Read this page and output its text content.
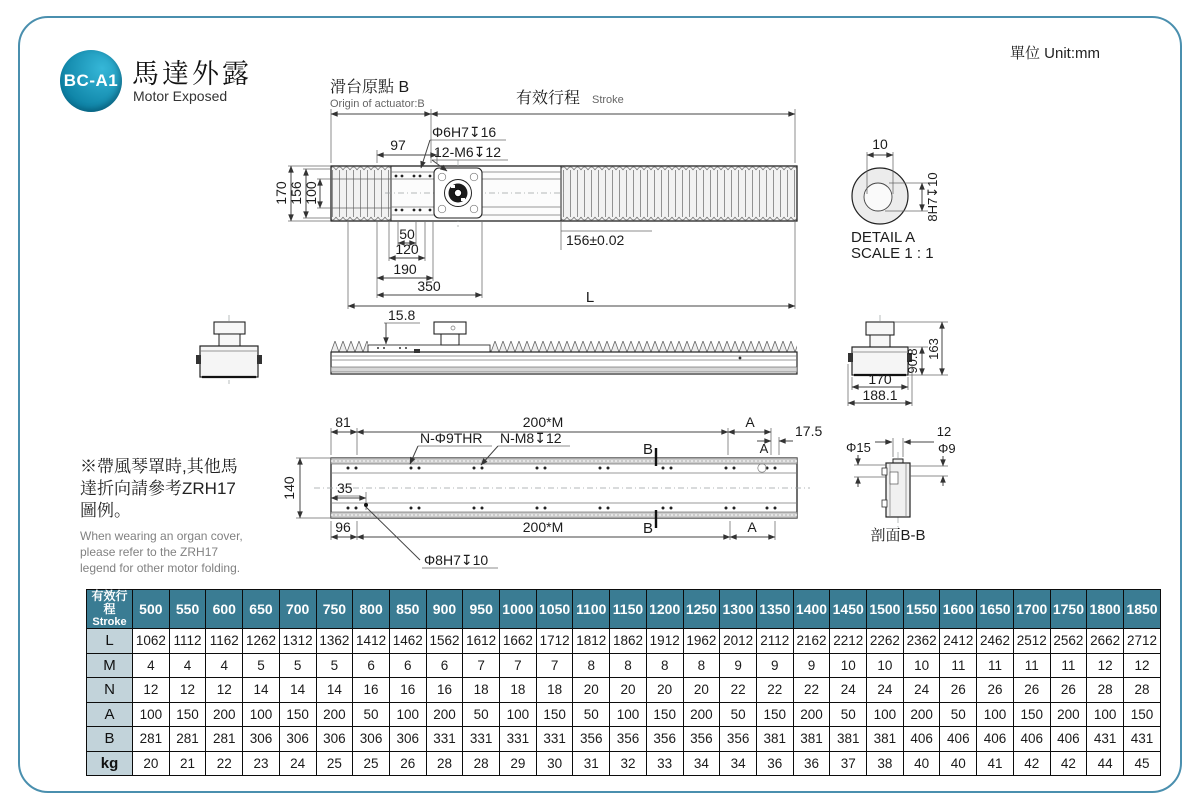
BC-A1 馬達外露
Motor Exposed
單位 Unit:mm
※帶風琴罩時,其他馬
達折向請參考ZRH17
圖例。
When wearing an organ cover,
please refer to the ZRH17
legend for other motor folding.
滑台原點 B
Origin of actuator:B	有效行程 Stroke
97
Φ6H7↧16
12-M6↧12
170 156 100
50
120
190
350
L
156±0.02
10
8H7↧10
DETAIL A
SCALE 1 : 1
15.8
90.8 163
170
188.1
81	200*M	A
17.5
A
N-Φ9THR N-M8↧12
B
B
140	35
Φ8H7↧10
96	200*M	A
Φ15
12
Φ9
剖面B-B
有效行程
Stroke	500	550	600	650	700	750	800	850	900	950	1000	1050	1100	1150	1200	1250	1300	1350	1400	1450	1500	1550	1600	1650	1700	1750	1800	1850
L	1062	1112	1162	1262	1312	1362	1412	1462	1562	1612	1662	1712	1812	1862	1912	1962	2012	2112	2162	2212	2262	2362	2412	2462	2512	2562	2662	2712
M	4	4	4	5	5	5	6	6	6	7	7	7	8	8	8	8	9	9	9	10	10	10	11	11	11	11	12	12
N	12	12	12	14	14	14	16	16	16	18	18	18	20	20	20	20	22	22	22	24	24	24	26	26	26	26	28	28
A	100	150	200	100	150	200	50	100	200	50	100	150	50	100	150	200	50	150	200	50	100	200	50	100	150	200	100	150
B	281	281	281	306	306	306	306	306	331	331	331	331	356	356	356	356	356	381	381	381	381	406	406	406	406	406	431	431
kg	20	21	22	23	24	25	25	26	28	28	29	30	31	32	33	34	34	36	36	37	38	40	40	41	42	42	44	45
